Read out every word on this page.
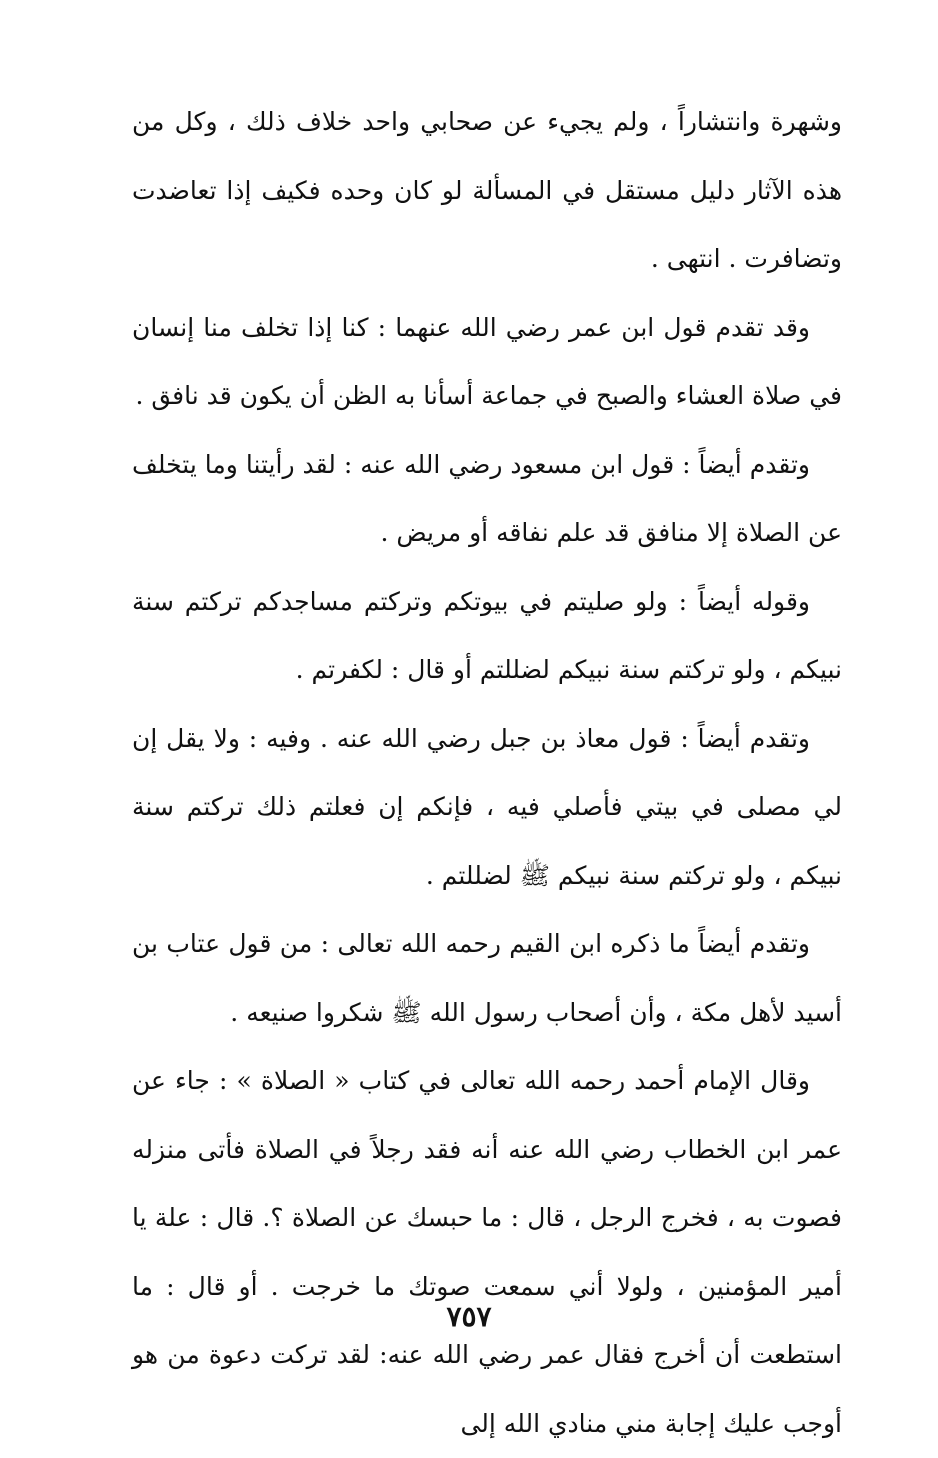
وشهرة وانتشاراً ، ولم يجيء عن صحابي واحد خلاف ذلك ، وكل من هذه الآثار دليل مستقل في المسألة لو كان وحده فكيف إذا تعاضدت وتضافرت . انتهى .

وقد تقدم قول ابن عمر رضي الله عنهما : كنا إذا تخلف منا إنسان في صلاة العشاء والصبح في جماعة أسأنا به الظن أن يكون قد نافق .

وتقدم أيضاً : قول ابن مسعود رضي الله عنه : لقد رأيتنا وما يتخلف عن الصلاة إلا منافق قد علم نفاقه أو مريض .

وقوله أيضاً : ولو صليتم في بيوتكم وتركتم مساجدكم تركتم سنة نبيكم ، ولو تركتم سنة نبيكم لضللتم أو قال : لكفرتم .

وتقدم أيضاً : قول معاذ بن جبل رضي الله عنه . وفيه : ولا يقل إن لي مصلى في بيتي فأصلي فيه ، فإنكم إن فعلتم ذلك تركتم سنة نبيكم ، ولو تركتم سنة نبيكم ﷺ لضللتم .

وتقدم أيضاً ما ذكره ابن القيم رحمه الله تعالى : من قول عتاب بن أسيد لأهل مكة ، وأن أصحاب رسول الله ﷺ شكروا صنيعه .

وقال الإمام أحمد رحمه الله تعالى في كتاب « الصلاة » : جاء عن عمر ابن الخطاب رضي الله عنه أنه فقد رجلاً في الصلاة فأتى منزله فصوت به ، فخرج الرجل ، قال : ما حبسك عن الصلاة ؟. قال : علة يا أمير المؤمنين ، ولولا أني سمعت صوتك ما خرجت . أو قال : ما استطعت أن أخرج فقال عمر رضي الله عنه: لقد تركت دعوة من هو أوجب عليك إجابة مني منادي الله إلى

٧٥٧
